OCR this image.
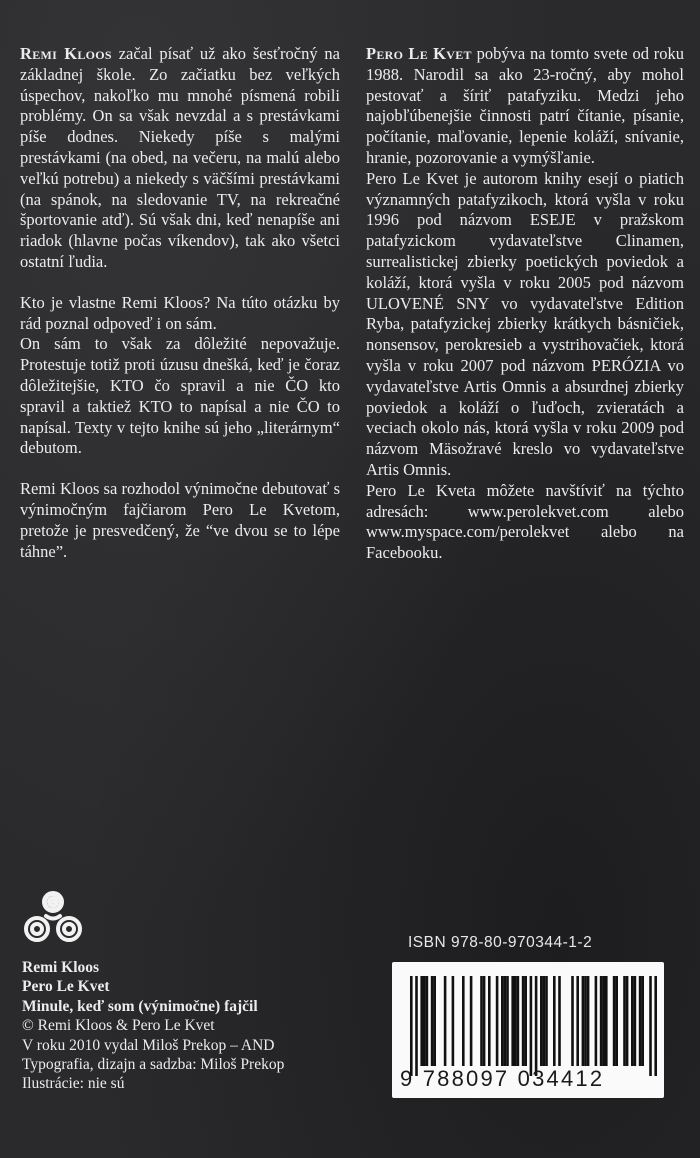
Remi Kloos začal písať už ako šesťročný na základnej škole. Zo začiatku bez veľkých úspechov, nakoľko mu mnohé písmená robili problémy. On sa však nevzdal a s prestávkami píše dodnes. Niekedy píše s malými prestávkami (na obed, na večeru, na malú alebo veľkú potrebu) a niekedy s väčšími prestávkami (na spánok, na sledovanie TV, na rekreačné športovanie atď). Sú však dni, keď nenapíše ani riadok (hlavne počas víkendov), tak ako všetci ostatní ľudia.

Kto je vlastne Remi Kloos? Na túto otázku by rád poznal odpoveď i on sám.

On sám to však za dôležité nepovažuje. Protestuje totiž proti úzusu dnešká, keď je čoraz dôležitejšie, KTO čo spravil a nie ČO kto spravil a taktiež KTO to napísal a nie ČO to napísal. Texty v tejto knihe sú jeho „literárnym“ debutom.

Remi Kloos sa rozhodol výnimočne debutovať s výnimočným fajčiarom Pero Le Kvetom, pretože je presvedčený, že “ve dvou se to lépe táhne”.

Pero Le Kvet pobýva na tomto svete od roku 1988. Narodil sa ako 23-ročný, aby mohol pestovať a šíriť patafyziku. Medzi jeho najobľúbenejšie činnosti patrí čítanie, písanie, počítanie, maľovanie, lepenie koláží, snívanie, hranie, pozorovanie a vymýšľanie.

Pero Le Kvet je autorom knihy esejí o piatich významných patafyzikoch, ktorá vyšla v roku 1996 pod názvom ESEJE v pražskom patafyzickom vydavateľstve Clinamen, surrealistickej zbierky poetických poviedok a koláží, ktorá vyšla v roku 2005 pod názvom ULOVENÉ SNY vo vydavateľstve Edition Ryba, patafyzickej zbierky krátkych básničiek, nonsensov, perokresieb a vystrihovačiek, ktorá vyšla v roku 2007 pod názvom PERÓZIA vo vydavateľstve Artis Omnis a absurdnej zbierky poviedok a koláží o ľuďoch, zvieratách a veciach okolo nás, ktorá vyšla v roku 2009 pod názvom Mäsožravé kreslo vo vydavateľstve Artis Omnis.

Pero Le Kveta môžete navštíviť na týchto adresách: www.perolekvet.com alebo www.myspace.com/perolekvet alebo na Facebooku.

Remi Kloos
Pero Le Kvet
Minule, keď som (výnimočne) fajčil
© Remi Kloos & Pero Le Kvet
V roku 2010 vydal Miloš Prekop – AND
Typografia, dizajn a sadzba: Miloš Prekop
Ilustrácie: nie sú
ISBN 978-80-970344-1-2
9 788097 034412
